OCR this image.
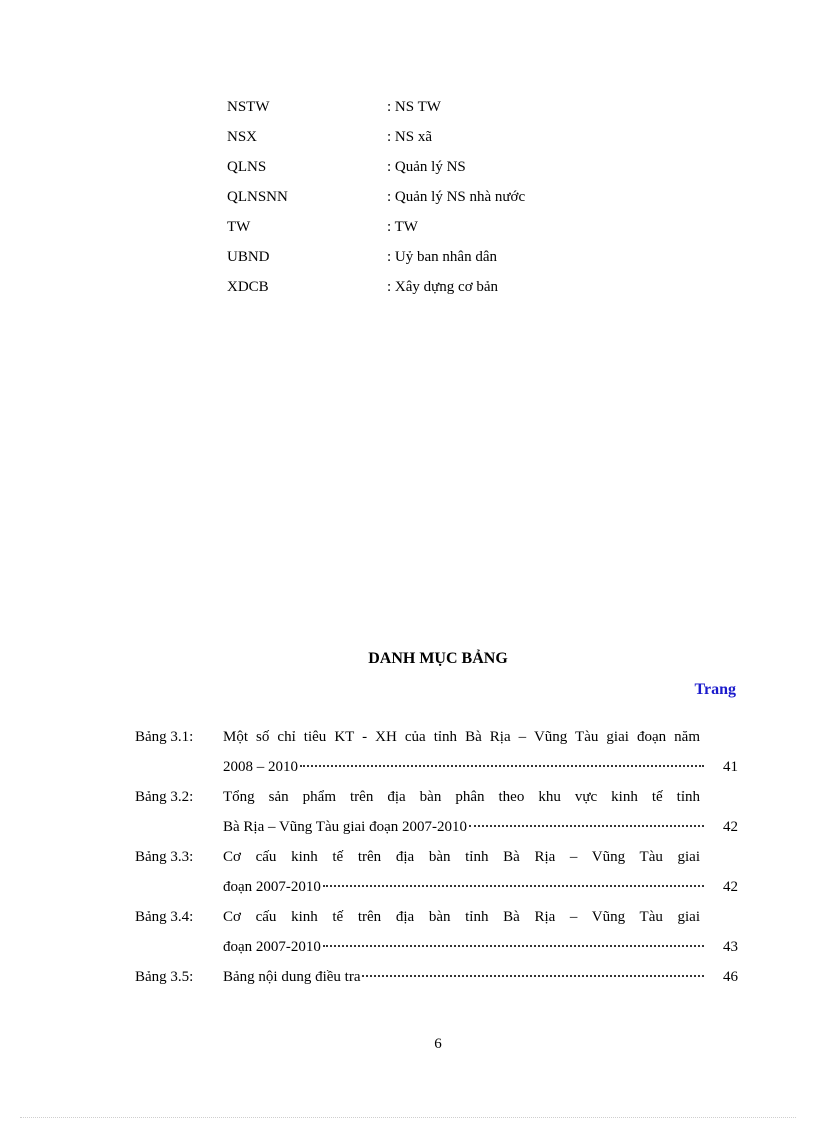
NSTW	: NS TW
NSX	: NS xã
QLNS	: Quản lý NS
QLNSNN	: Quản lý NS nhà nước
TW	: TW
UBND	: Uỷ ban nhân dân
XDCB	: Xây dựng cơ bản
DANH MỤC BẢNG
Trang
Bảng 3.1:	Một số chỉ tiêu KT - XH của tỉnh Bà Rịa – Vũng Tàu giai đoạn năm
2008 – 2010	41
Bảng 3.2:	Tổng sản phẩm trên địa bàn phân theo khu vực kinh tế tỉnh
Bà Rịa – Vũng Tàu giai đoạn 2007-2010	42
Bảng 3.3:	Cơ cấu kinh tế trên địa bàn tỉnh Bà Rịa – Vũng Tàu giai
đoạn 2007-2010	42
Bảng 3.4:	Cơ cấu kinh tế trên địa bàn tỉnh Bà Rịa – Vũng Tàu giai
đoạn 2007-2010	43
Bảng 3.5:	Bảng nội dung điều tra	46
6
